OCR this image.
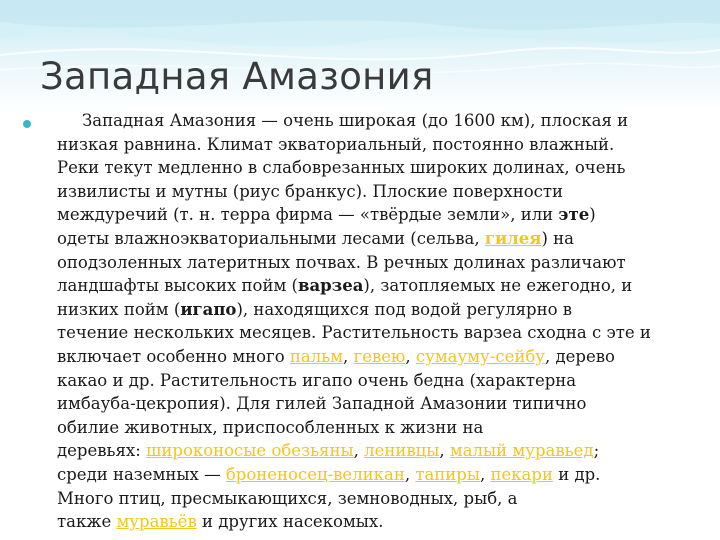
Западная Амазония

Западная Амазония — очень широкая (до 1600 км), плоская и
низкая равнина. Климат экваториальный, постоянно влажный.
Реки текут медленно в слабоврезанных широких долинах, очень
извилисты и мутны (риус бранкус). Плоские поверхности
междуречий (т. н. терра фирма — «твёрдые земли», или эте)
одеты влажноэкваториальными лесами (сельва, гилея) на
оподзоленных латеритных почвах. В речных долинах различают
ландшафты высоких пойм (варзеа), затопляемых не ежегодно, и
низких пойм (игапо), находящихся под водой регулярно в
течение нескольких месяцев. Растительность варзеа сходна с эте и
включает особенно много пальм, гевею, сумауму-сейбу, дерево
какао и др. Растительность игапо очень бедна (характерна
имбауба-цекропия). Для гилей Западной Амазонии типично
обилие животных, приспособленных к жизни на
деревьях: широконосые обезьяны, ленивцы, малый муравьед;
среди наземных — броненосец-великан, тапиры, пекари и др.
Много птиц, пресмыкающихся, земноводных, рыб, а
также муравьёв и других насекомых.
